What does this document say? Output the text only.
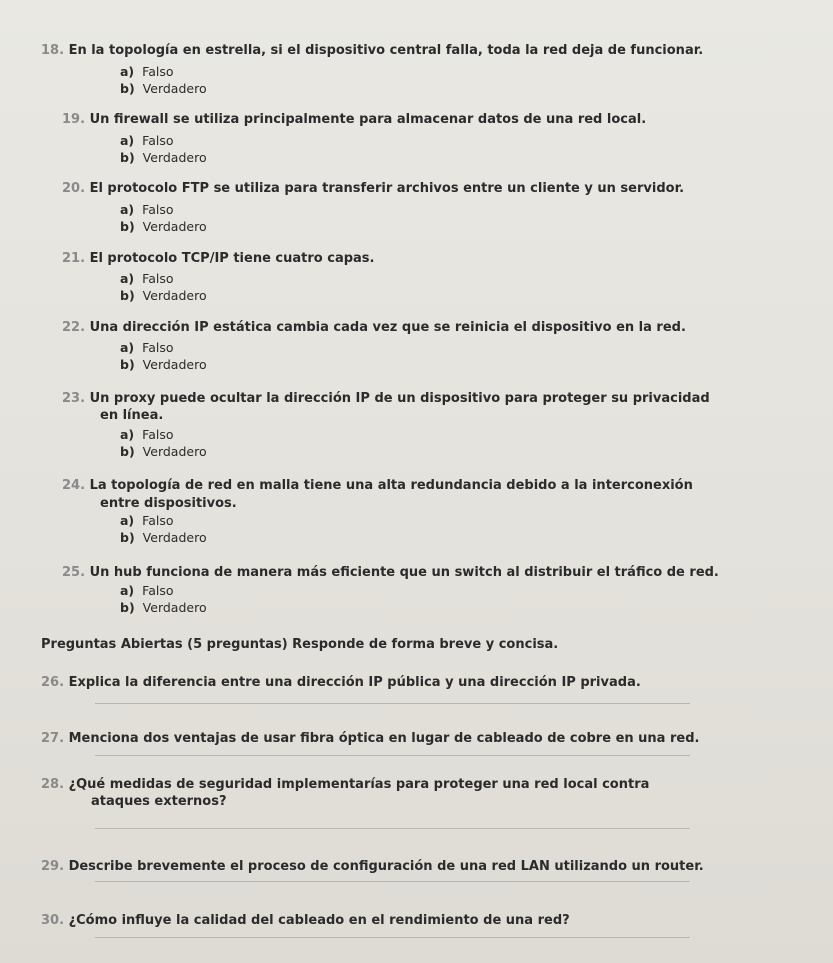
18. En la topología en estrella, si el dispositivo central falla, toda la red deja de funcionar.
a) Falso
b) Verdadero
19. Un firewall se utiliza principalmente para almacenar datos de una red local.
a) Falso
b) Verdadero
20. El protocolo FTP se utiliza para transferir archivos entre un cliente y un servidor.
a) Falso
b) Verdadero
21. El protocolo TCP/IP tiene cuatro capas.
a) Falso
b) Verdadero
22. Una dirección IP estática cambia cada vez que se reinicia el dispositivo en la red.
a) Falso
b) Verdadero
23. Un proxy puede ocultar la dirección IP de un dispositivo para proteger su privacidad
en línea.
a) Falso
b) Verdadero
24. La topología de red en malla tiene una alta redundancia debido a la interconexión
entre dispositivos.
a) Falso
b) Verdadero
25. Un hub funciona de manera más eficiente que un switch al distribuir el tráfico de red.
a) Falso
b) Verdadero
Preguntas Abiertas (5 preguntas) Responde de forma breve y concisa.
26. Explica la diferencia entre una dirección IP pública y una dirección IP privada.
27. Menciona dos ventajas de usar fibra óptica en lugar de cableado de cobre en una red.
28. ¿Qué medidas de seguridad implementarías para proteger una red local contra
ataques externos?
29. Describe brevemente el proceso de configuración de una red LAN utilizando un router.
30. ¿Cómo influye la calidad del cableado en el rendimiento de una red?
